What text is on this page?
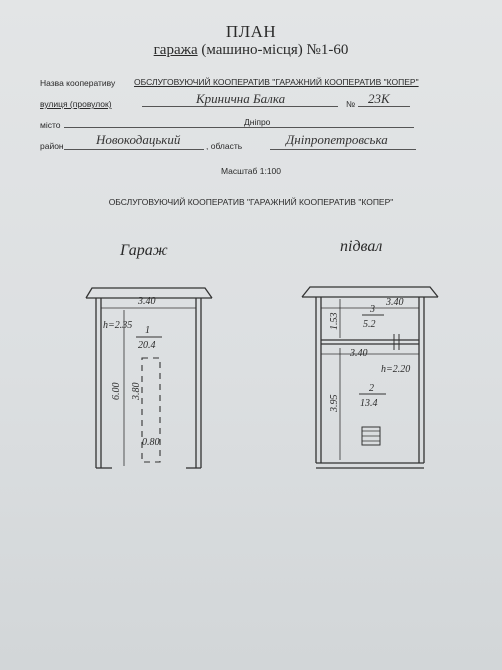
ПЛАН
гаража (машино-місця) №1-60
Назва кооперативу ОБСЛУГОВУЮЧИЙ КООПЕРАТИВ "ГАРАЖНИЙ КООПЕРАТИВ "КОПЕР"
вулиця (провулок)	Кринична Балка	№ 23К
місто	Дніпро
район Новокодацький	, область	Дніпропетровська
Масштаб 1:100
ОБСЛУГОВУЮЧИЙ КООПЕРАТИВ "ГАРАЖНИЙ КООПЕРАТИВ "КОПЕР"
Гараж	підвал
3.40
h=2.35 1
20.4
6.00 3.80
0.80
3.40
1.53
3
5.2
3.40
h=2.20
2
13.4
3.95
